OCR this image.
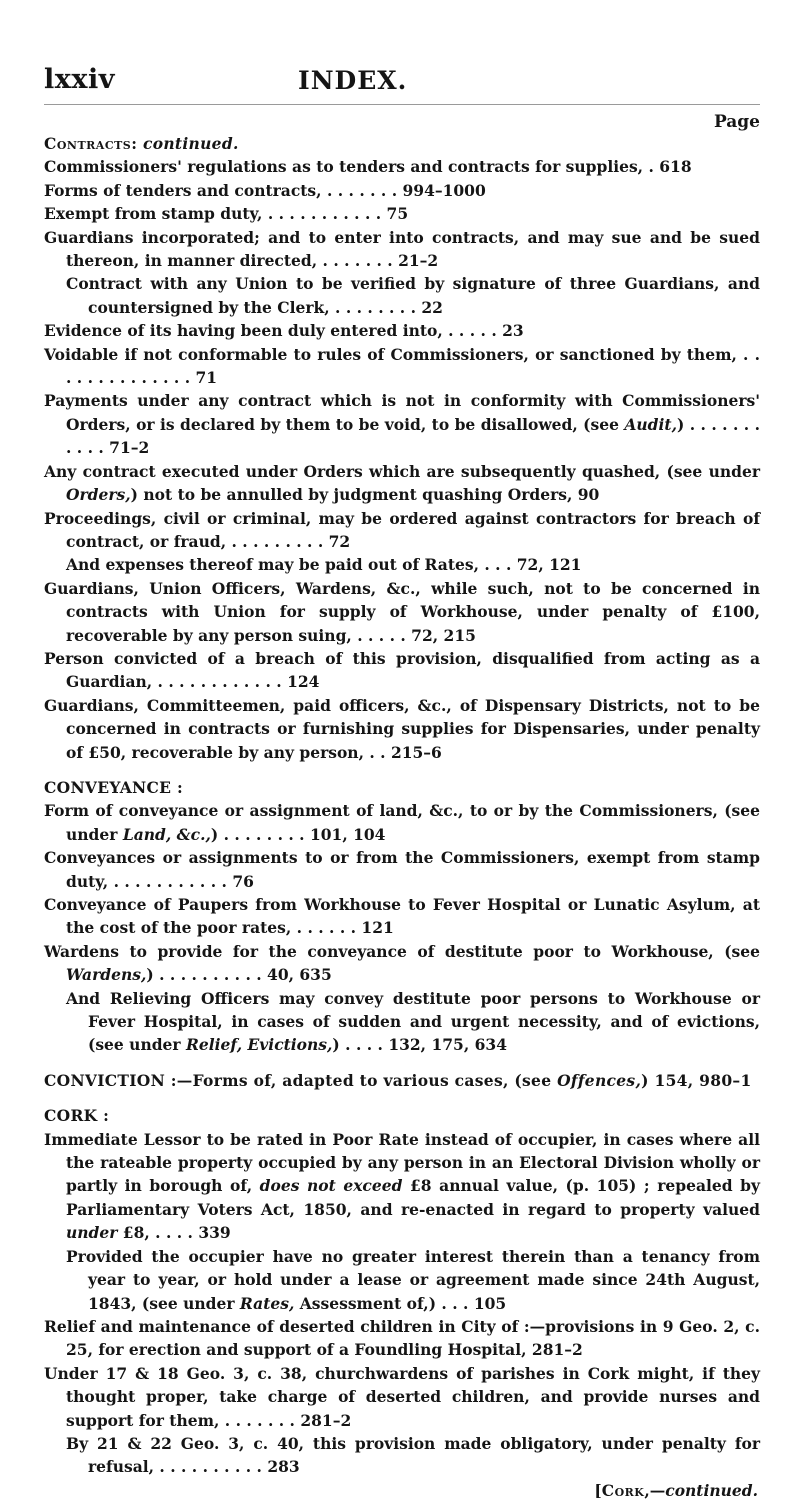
lxxiv	INDEX.
Page

Contracts: continued.

Commissioners' regulations as to tenders and contracts for supplies, . 618

Forms of tenders and contracts, . . . . . . . 994–1000

Exempt from stamp duty, . . . . . . . . . . . 75

Guardians incorporated; and to enter into contracts, and may sue and be sued thereon, in manner directed, . . . . . . . 21–2

Contract with any Union to be verified by signature of three Guardians, and countersigned by the Clerk, . . . . . . . . 22

Evidence of its having been duly entered into, . . . . . 23

Voidable if not conformable to rules of Commissioners, or sanctioned by them, . . . . . . . . . . . . . . 71

Payments under any contract which is not in conformity with Commissioners' Orders, or is declared by them to be void, to be disallowed, (see Audit,) . . . . . . . . . . . 71–2

Any contract executed under Orders which are subsequently quashed, (see under Orders,) not to be annulled by judgment quashing Orders, 90

Proceedings, civil or criminal, may be ordered against contractors for breach of contract, or fraud, . . . . . . . . . 72

And expenses thereof may be paid out of Rates, . . . 72, 121

Guardians, Union Officers, Wardens, &c., while such, not to be concerned in contracts with Union for supply of Workhouse, under penalty of £100, recoverable by any person suing, . . . . . 72, 215

Person convicted of a breach of this provision, disqualified from acting as a Guardian, . . . . . . . . . . . . 124

Guardians, Committeemen, paid officers, &c., of Dispensary Districts, not to be concerned in contracts or furnishing supplies for Dispensaries, under penalty of £50, recoverable by any person, . . 215–6

CONVEYANCE :

Form of conveyance or assignment of land, &c., to or by the Commissioners, (see under Land, &c.,) . . . . . . . . 101, 104

Conveyances or assignments to or from the Commissioners, exempt from stamp duty, . . . . . . . . . . . 76

Conveyance of Paupers from Workhouse to Fever Hospital or Lunatic Asylum, at the cost of the poor rates, . . . . . . 121

Wardens to provide for the conveyance of destitute poor to Workhouse, (see Wardens,) . . . . . . . . . . 40, 635

And Relieving Officers may convey destitute poor persons to Workhouse or Fever Hospital, in cases of sudden and urgent necessity, and of evictions, (see under Relief, Evictions,) . . . . 132, 175, 634

CONVICTION :—Forms of, adapted to various cases, (see Offences,) 154, 980–1

CORK :

Immediate Lessor to be rated in Poor Rate instead of occupier, in cases where all the rateable property occupied by any person in an Electoral Division wholly or partly in borough of, does not exceed £8 annual value, (p. 105) ; repealed by Parliamentary Voters Act, 1850, and re-enacted in regard to property valued under £8, . . . . 339

Provided the occupier have no greater interest therein than a tenancy from year to year, or hold under a lease or agreement made since 24th August, 1843, (see under Rates, Assessment of,) . . . 105

Relief and maintenance of deserted children in City of :—provisions in 9 Geo. 2, c. 25, for erection and support of a Foundling Hospital, 281–2

Under 17 & 18 Geo. 3, c. 38, churchwardens of parishes in Cork might, if they thought proper, take charge of deserted children, and provide nurses and support for them, . . . . . . . 281–2

By 21 & 22 Geo. 3, c. 40, this provision made obligatory, under penalty for refusal, . . . . . . . . . . 283

[Cork,—continued.
